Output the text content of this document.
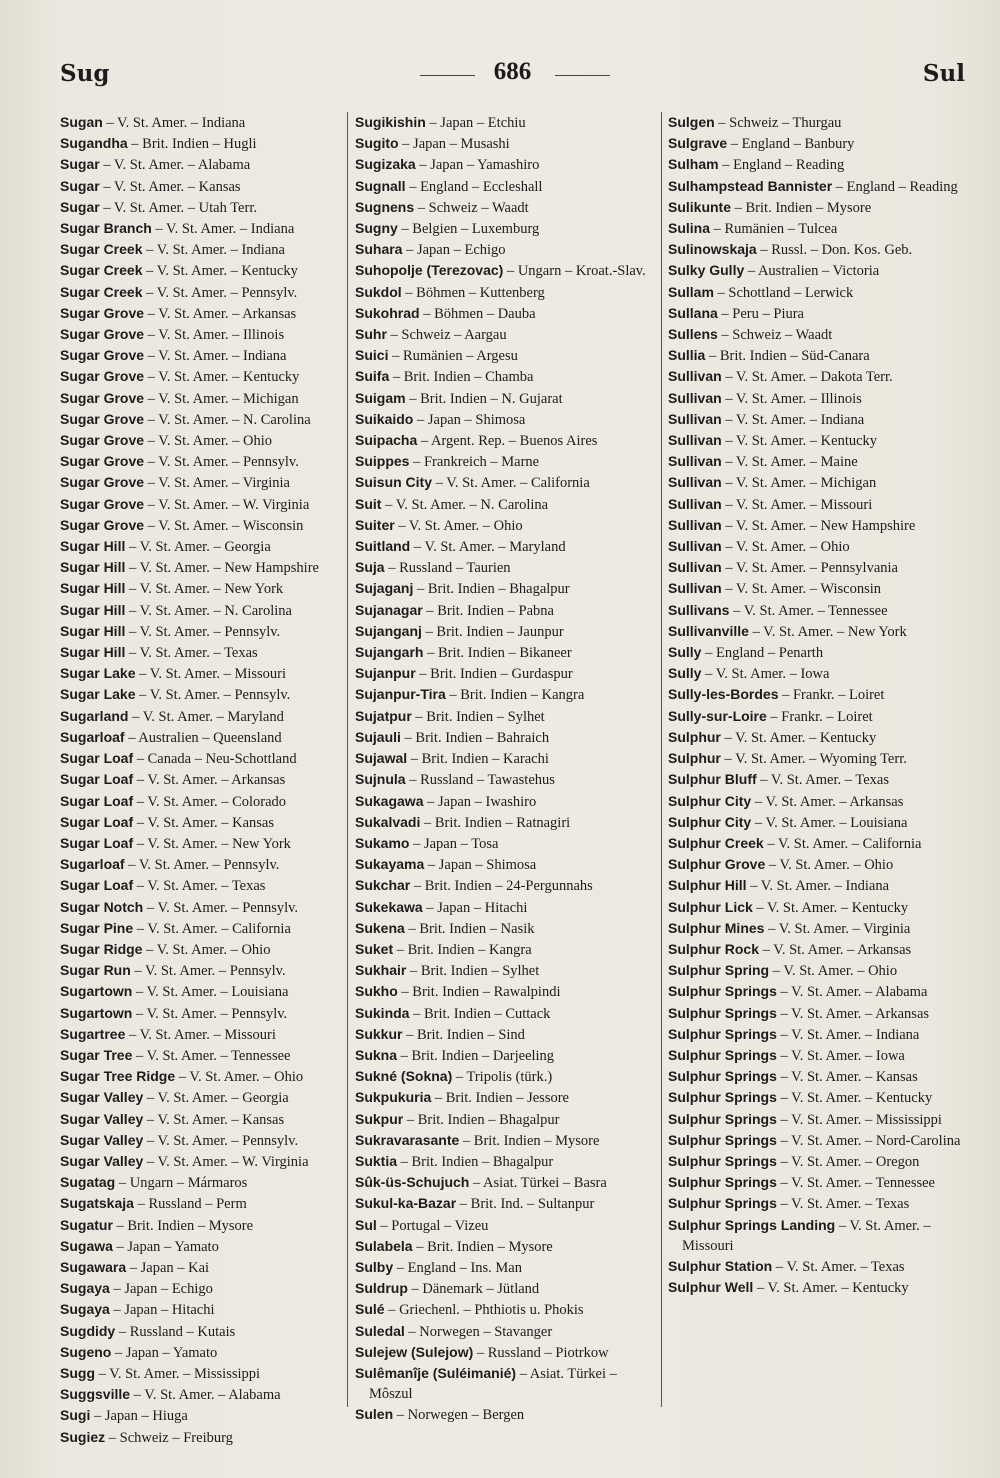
Sug	686	Sul
Sugan – V. St. Amer. – Indiana
Sugandha – Brit. Indien – Hugli
Sugar – V. St. Amer. – Alabama
Sugar – V. St. Amer. – Kansas
Sugar – V. St. Amer. – Utah Terr.
Sugar Branch – V. St. Amer. – Indiana
Sugar Creek – V. St. Amer. – Indiana
Sugar Creek – V. St. Amer. – Kentucky
Sugar Creek – V. St. Amer. – Pennsylv.
Sugar Grove – V. St. Amer. – Arkansas
Sugar Grove – V. St. Amer. – Illinois
Sugar Grove – V. St. Amer. – Indiana
Sugar Grove – V. St. Amer. – Kentucky
Sugar Grove – V. St. Amer. – Michigan
Sugar Grove – V. St. Amer. – N. Carolina
Sugar Grove – V. St. Amer. – Ohio
Sugar Grove – V. St. Amer. – Pennsylv.
Sugar Grove – V. St. Amer. – Virginia
Sugar Grove – V. St. Amer. – W. Virginia
Sugar Grove – V. St. Amer. – Wisconsin
Sugar Hill – V. St. Amer. – Georgia
Sugar Hill – V. St. Amer. – New Hampshire
Sugar Hill – V. St. Amer. – New York
Sugar Hill – V. St. Amer. – N. Carolina
Sugar Hill – V. St. Amer. – Pennsylv.
Sugar Hill – V. St. Amer. – Texas
Sugar Lake – V. St. Amer. – Missouri
Sugar Lake – V. St. Amer. – Pennsylv.
Sugarland – V. St. Amer. – Maryland
Sugarloaf – Australien – Queensland
Sugar Loaf – Canada – Neu-Schottland
Sugar Loaf – V. St. Amer. – Arkansas
Sugar Loaf – V. St. Amer. – Colorado
Sugar Loaf – V. St. Amer. – Kansas
Sugar Loaf – V. St. Amer. – New York
Sugarloaf – V. St. Amer. – Pennsylv.
Sugar Loaf – V. St. Amer. – Texas
Sugar Notch – V. St. Amer. – Pennsylv.
Sugar Pine – V. St. Amer. – California
Sugar Ridge – V. St. Amer. – Ohio
Sugar Run – V. St. Amer. – Pennsylv.
Sugartown – V. St. Amer. – Louisiana
Sugartown – V. St. Amer. – Pennsylv.
Sugartree – V. St. Amer. – Missouri
Sugar Tree – V. St. Amer. – Tennessee
Sugar Tree Ridge – V. St. Amer. – Ohio
Sugar Valley – V. St. Amer. – Georgia
Sugar Valley – V. St. Amer. – Kansas
Sugar Valley – V. St. Amer. – Pennsylv.
Sugar Valley – V. St. Amer. – W. Virginia
Sugatag – Ungarn – Mármaros
Sugatskaja – Russland – Perm
Sugatur – Brit. Indien – Mysore
Sugawa – Japan – Yamato
Sugawara – Japan – Kai
Sugaya – Japan – Echigo
Sugaya – Japan – Hitachi
Sugdidy – Russland – Kutais
Sugeno – Japan – Yamato
Sugg – V. St. Amer. – Mississippi
Suggsville – V. St. Amer. – Alabama
Sugi – Japan – Hiuga
Sugiez – Schweiz – Freiburg
Sugikishin – Japan – Etchiu
Sugito – Japan – Musashi
Sugizaka – Japan – Yamashiro
Sugnall – England – Eccleshall
Sugnens – Schweiz – Waadt
Sugny – Belgien – Luxemburg
Suhara – Japan – Echigo
Suhopolje (Terezovac) – Ungarn – Kroat.-Slav.
Sukdol – Böhmen – Kuttenberg
Sukohrad – Böhmen – Dauba
Suhr – Schweiz – Aargau
Suici – Rumänien – Argesu
Suifa – Brit. Indien – Chamba
Suigam – Brit. Indien – N. Gujarat
Suikaido – Japan – Shimosa
Suipacha – Argent. Rep. – Buenos Aires
Suippes – Frankreich – Marne
Suisun City – V. St. Amer. – California
Suit – V. St. Amer. – N. Carolina
Suiter – V. St. Amer. – Ohio
Suitland – V. St. Amer. – Maryland
Suja – Russland – Taurien
Sujaganj – Brit. Indien – Bhagalpur
Sujanagar – Brit. Indien – Pabna
Sujanganj – Brit. Indien – Jaunpur
Sujangarh – Brit. Indien – Bikaneer
Sujanpur – Brit. Indien – Gurdaspur
Sujanpur-Tira – Brit. Indien – Kangra
Sujatpur – Brit. Indien – Sylhet
Sujauli – Brit. Indien – Bahraich
Sujawal – Brit. Indien – Karachi
Sujnula – Russland – Tawastehus
Sukagawa – Japan – Iwashiro
Sukalvadi – Brit. Indien – Ratnagiri
Sukamo – Japan – Tosa
Sukayama – Japan – Shimosa
Sukchar – Brit. Indien – 24-Pergunnahs
Sukekawa – Japan – Hitachi
Sukena – Brit. Indien – Nasik
Suket – Brit. Indien – Kangra
Sukhair – Brit. Indien – Sylhet
Sukho – Brit. Indien – Rawalpindi
Sukinda – Brit. Indien – Cuttack
Sukkur – Brit. Indien – Sind
Sukna – Brit. Indien – Darjeeling
Sukné (Sokna) – Tripolis (türk.)
Sukpukuria – Brit. Indien – Jessore
Sukpur – Brit. Indien – Bhagalpur
Sukravarasante – Brit. Indien – Mysore
Suktia – Brit. Indien – Bhagalpur
Sûk-üs-Schujuch – Asiat. Türkei – Basra
Sukul-ka-Bazar – Brit. Ind. – Sultanpur
Sul – Portugal – Vizeu
Sulabela – Brit. Indien – Mysore
Sulby – England – Ins. Man
Suldrup – Dänemark – Jütland
Sulé – Griechenl. – Phthiotis u. Phokis
Suledal – Norwegen – Stavanger
Sulejew (Sulejow) – Russland – Piotrkow
Sulêmanîje (Suléimanié) – Asiat. Türkei – Môszul
Sulen – Norwegen – Bergen
Sulgen – Schweiz – Thurgau
Sulgrave – England – Banbury
Sulham – England – Reading
Sulhampstead Bannister – England – Reading
Sulikunte – Brit. Indien – Mysore
Sulina – Rumänien – Tulcea
Sulinowskaja – Russl. – Don. Kos. Geb.
Sulky Gully – Australien – Victoria
Sullam – Schottland – Lerwick
Sullana – Peru – Piura
Sullens – Schweiz – Waadt
Sullia – Brit. Indien – Süd-Canara
Sullivan – V. St. Amer. – Dakota Terr.
Sullivan – V. St. Amer. – Illinois
Sullivan – V. St. Amer. – Indiana
Sullivan – V. St. Amer. – Kentucky
Sullivan – V. St. Amer. – Maine
Sullivan – V. St. Amer. – Michigan
Sullivan – V. St. Amer. – Missouri
Sullivan – V. St. Amer. – New Hampshire
Sullivan – V. St. Amer. – Ohio
Sullivan – V. St. Amer. – Pennsylvania
Sullivan – V. St. Amer. – Wisconsin
Sullivans – V. St. Amer. – Tennessee
Sullivanville – V. St. Amer. – New York
Sully – England – Penarth
Sully – V. St. Amer. – Iowa
Sully-les-Bordes – Frankr. – Loiret
Sully-sur-Loire – Frankr. – Loiret
Sulphur – V. St. Amer. – Kentucky
Sulphur – V. St. Amer. – Wyoming Terr.
Sulphur Bluff – V. St. Amer. – Texas
Sulphur City – V. St. Amer. – Arkansas
Sulphur City – V. St. Amer. – Louisiana
Sulphur Creek – V. St. Amer. – California
Sulphur Grove – V. St. Amer. – Ohio
Sulphur Hill – V. St. Amer. – Indiana
Sulphur Lick – V. St. Amer. – Kentucky
Sulphur Mines – V. St. Amer. – Virginia
Sulphur Rock – V. St. Amer. – Arkansas
Sulphur Spring – V. St. Amer. – Ohio
Sulphur Springs – V. St. Amer. – Alabama
Sulphur Springs – V. St. Amer. – Arkansas
Sulphur Springs – V. St. Amer. – Indiana
Sulphur Springs – V. St. Amer. – Iowa
Sulphur Springs – V. St. Amer. – Kansas
Sulphur Springs – V. St. Amer. – Kentucky
Sulphur Springs – V. St. Amer. – Mississippi
Sulphur Springs – V. St. Amer. – Nord-Carolina
Sulphur Springs – V. St. Amer. – Oregon
Sulphur Springs – V. St. Amer. – Tennessee
Sulphur Springs – V. St. Amer. – Texas
Sulphur Springs Landing – V. St. Amer. – Missouri
Sulphur Station – V. St. Amer. – Texas
Sulphur Well – V. St. Amer. – Kentucky
